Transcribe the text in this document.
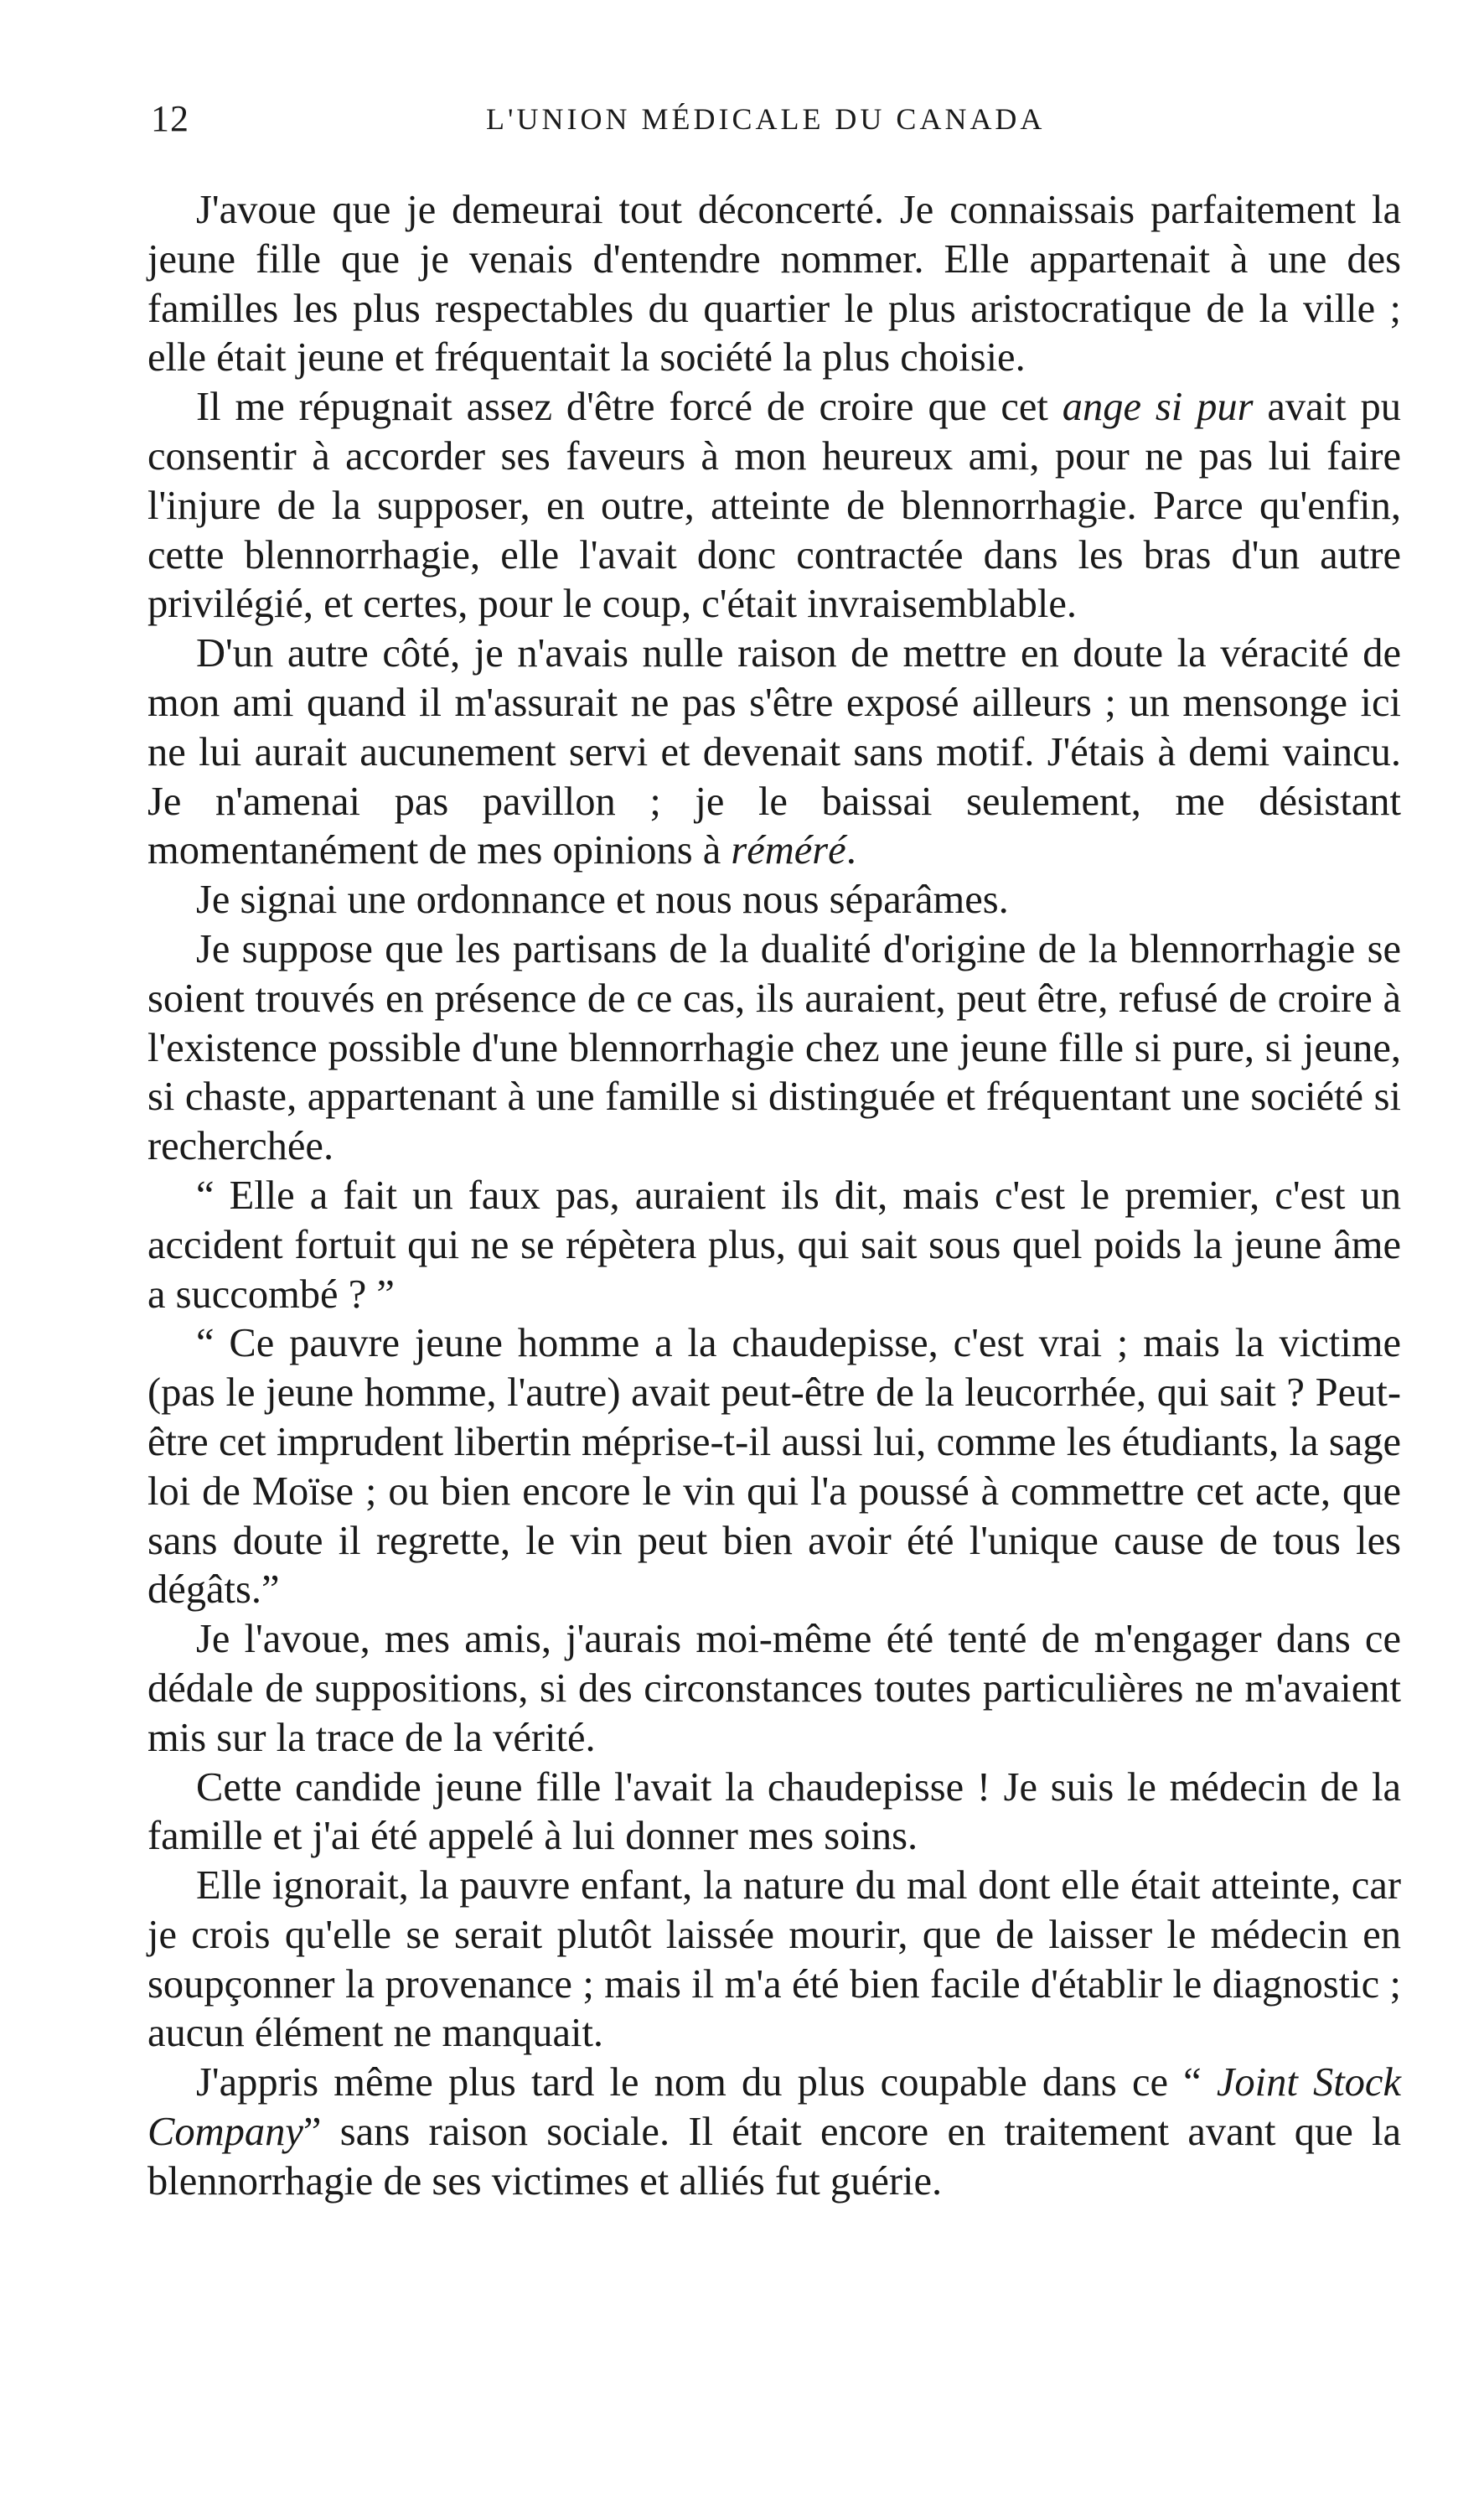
12	L'UNION MÉDICALE DU CANADA

J'avoue que je demeurai tout déconcerté. Je connaissais parfaitement la jeune fille que je venais d'entendre nommer. Elle appartenait à une des familles les plus respectables du quartier le plus aristocratique de la ville ; elle était jeune et fréquentait la société la plus choisie.

Il me répugnait assez d'être forcé de croire que cet ange si pur avait pu consentir à accorder ses faveurs à mon heureux ami, pour ne pas lui faire l'injure de la supposer, en outre, atteinte de blennorrhagie. Parce qu'enfin, cette blennorrhagie, elle l'avait donc contractée dans les bras d'un autre privilégié, et certes, pour le coup, c'était invraisemblable.

D'un autre côté, je n'avais nulle raison de mettre en doute la véracité de mon ami quand il m'assurait ne pas s'être exposé ailleurs ; un mensonge ici ne lui aurait aucunement servi et devenait sans motif. J'étais à demi vaincu. Je n'amenai pas pavillon ; je le baissai seulement, me désistant momentanément de mes opinions à réméré.

Je signai une ordonnance et nous nous séparâmes.

Je suppose que les partisans de la dualité d'origine de la blennorrhagie se soient trouvés en présence de ce cas, ils auraient, peut être, refusé de croire à l'existence possible d'une blennorrhagie chez une jeune fille si pure, si jeune, si chaste, appartenant à une famille si distinguée et fréquentant une société si recherchée.

“ Elle a fait un faux pas, auraient ils dit, mais c'est le premier, c'est un accident fortuit qui ne se répètera plus, qui sait sous quel poids la jeune âme a succombé ? ”

“ Ce pauvre jeune homme a la chaudepisse, c'est vrai ; mais la victime (pas le jeune homme, l'autre) avait peut-être de la leucorrhée, qui sait ? Peut-être cet imprudent libertin méprise-t-il aussi lui, comme les étudiants, la sage loi de Moïse ; ou bien encore le vin qui l'a poussé à commettre cet acte, que sans doute il regrette, le vin peut bien avoir été l'unique cause de tous les dégâts.”

Je l'avoue, mes amis, j'aurais moi-même été tenté de m'engager dans ce dédale de suppositions, si des circonstances toutes particulières ne m'avaient mis sur la trace de la vérité.

Cette candide jeune fille l'avait la chaudepisse ! Je suis le médecin de la famille et j'ai été appelé à lui donner mes soins.

Elle ignorait, la pauvre enfant, la nature du mal dont elle était atteinte, car je crois qu'elle se serait plutôt laissée mourir, que de laisser le médecin en soupçonner la provenance ; mais il m'a été bien facile d'établir le diagnostic ; aucun élément ne manquait.

J'appris même plus tard le nom du plus coupable dans ce “ Joint Stock Company” sans raison sociale. Il était encore en traitement avant que la blennorrhagie de ses victimes et alliés fut guérie.
